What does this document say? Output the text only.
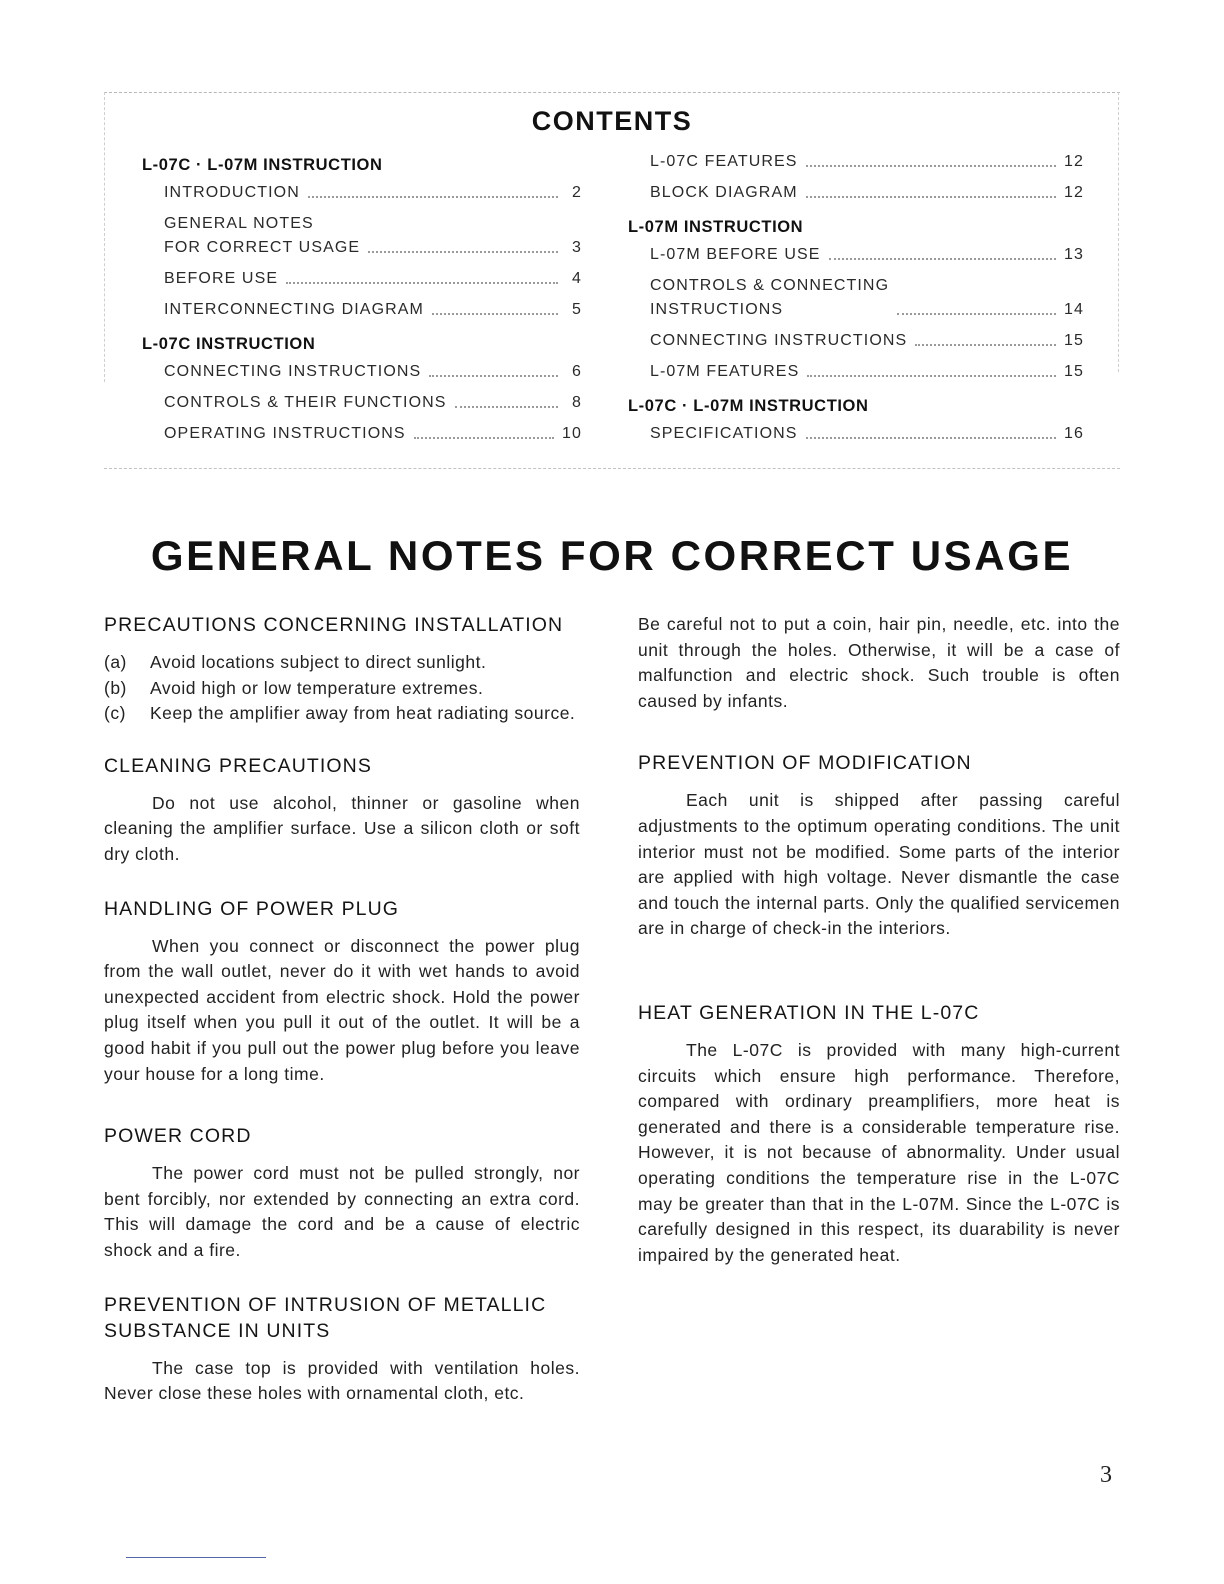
CONTENTS
L-07C · L-07M INSTRUCTION
INTRODUCTION	2
GENERAL NOTES
FOR CORRECT USAGE	3
BEFORE USE	4
INTERCONNECTING DIAGRAM	5
L-07C INSTRUCTION
CONNECTING INSTRUCTIONS	6
CONTROLS & THEIR FUNCTIONS	8
OPERATING INSTRUCTIONS	10
L-07C FEATURES	12
BLOCK DIAGRAM	12
L-07M INSTRUCTION
L-07M BEFORE USE	13
CONTROLS & CONNECTING
INSTRUCTIONS	14
CONNECTING INSTRUCTIONS	15
L-07M FEATURES	15
L-07C · L-07M INSTRUCTION
SPECIFICATIONS	16
GENERAL NOTES FOR CORRECT USAGE
PRECAUTIONS CONCERNING INSTALLATION
(a)	Avoid locations subject to direct sunlight.
(b)	Avoid high or low temperature extremes.
(c)	Keep the amplifier away from heat radiating source.
CLEANING PRECAUTIONS

Do not use alcohol, thinner or gasoline when cleaning the amplifier surface. Use a silicon cloth or soft dry cloth.

HANDLING OF POWER PLUG

When you connect or disconnect the power plug from the wall outlet, never do it with wet hands to avoid unexpected accident from electric shock. Hold the power plug itself when you pull it out of the outlet. It will be a good habit if you pull out the power plug before you leave your house for a long time.

POWER CORD

The power cord must not be pulled strongly, nor bent forcibly, nor extended by connecting an extra cord. This will damage the cord and be a cause of electric shock and a fire.

PREVENTION OF INTRUSION OF METALLIC SUBSTANCE IN UNITS

The case top is provided with ventilation holes. Never close these holes with ornamental cloth, etc.

Be careful not to put a coin, hair pin, needle, etc. into the unit through the holes. Otherwise, it will be a case of malfunction and electric shock. Such trouble is often caused by infants.

PREVENTION OF MODIFICATION

Each unit is shipped after passing careful adjustments to the optimum operating conditions. The unit interior must not be modified. Some parts of the interior are applied with high voltage. Never dismantle the case and touch the internal parts. Only the qualified servicemen are in charge of check-in the interiors.

HEAT GENERATION IN THE L-07C

The L-07C is provided with many high-current circuits which ensure high performance. Therefore, compared with ordinary preamplifiers, more heat is generated and there is a considerable temperature rise. However, it is not because of abnormality. Under usual operating conditions the temperature rise in the L-07C may be greater than that in the L-07M. Since the L-07C is carefully designed in this respect, its duarability is never impaired by the generated heat.

3
